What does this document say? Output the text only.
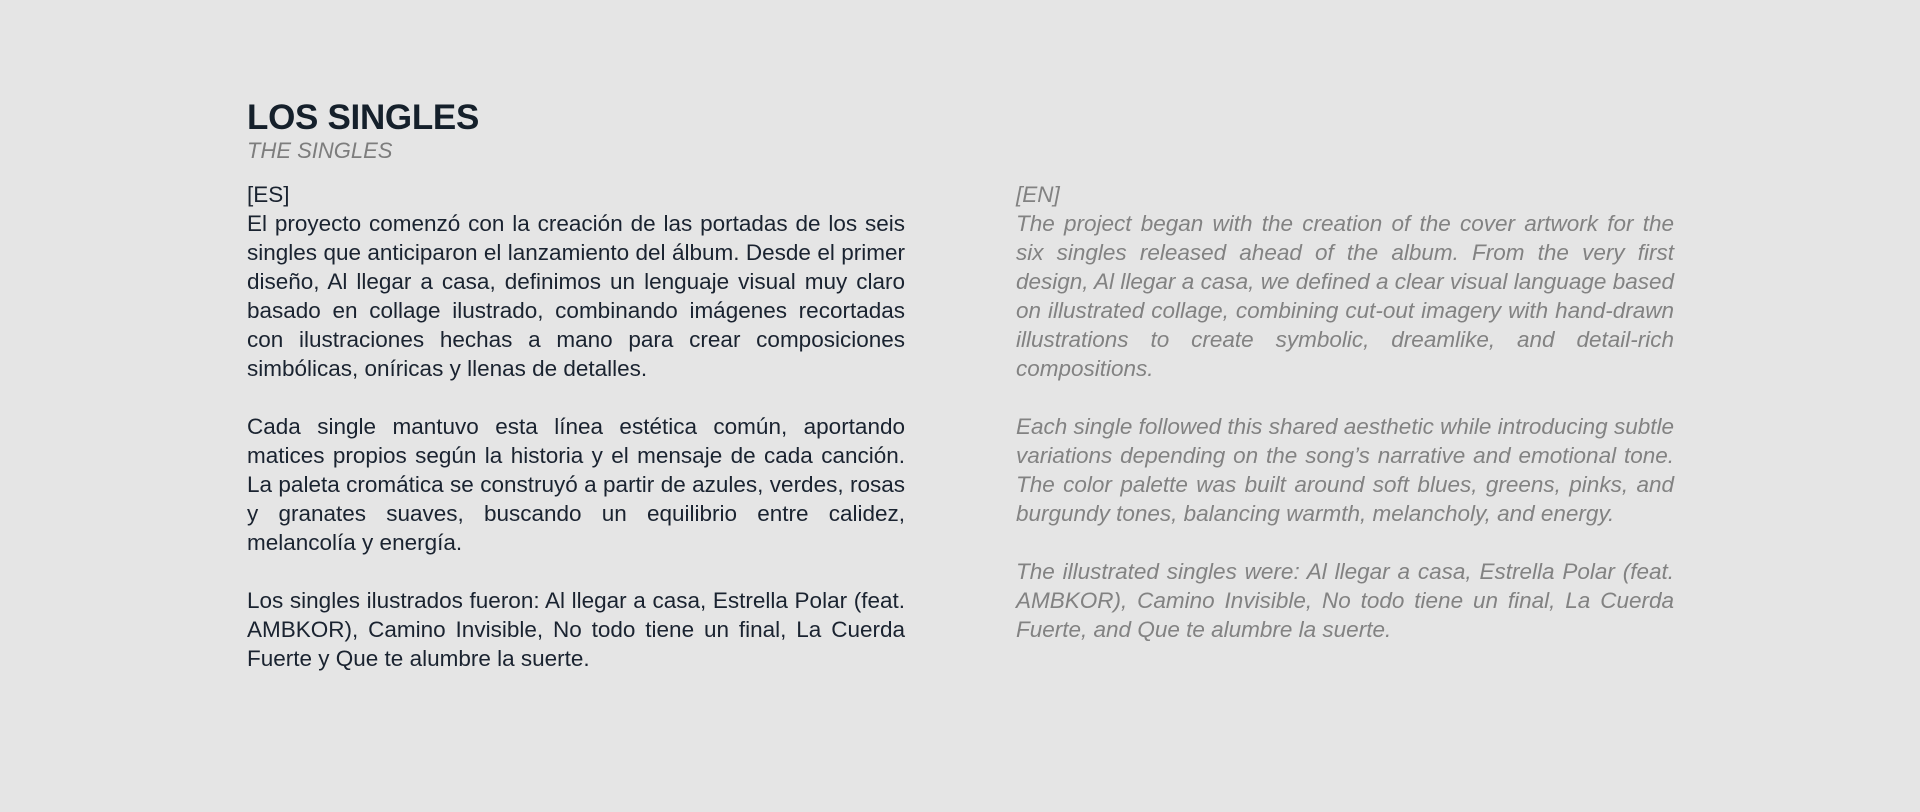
LOS SINGLES

THE SINGLES

[ES]

El proyecto comenzó con la creación de las portadas de los seis singles que anticiparon el lanzamiento del álbum. Desde el primer diseño, Al llegar a casa, definimos un lenguaje visual muy claro basado en collage ilustrado, combinando imágenes recortadas con ilustraciones hechas a mano para crear composiciones simbólicas, oníricas y llenas de detalles.

Cada single mantuvo esta línea estética común, aportando matices propios según la historia y el mensaje de cada canción. La paleta cromática se construyó a partir de azules, verdes, rosas y granates suaves, buscando un equilibrio entre calidez, melancolía y energía.

Los singles ilustrados fueron: Al llegar a casa, Estrella Polar (feat. AMBKOR), Camino Invisible, No todo tiene un final, La Cuerda Fuerte y Que te alumbre la suerte.

[EN]

The project began with the creation of the cover artwork for the six singles released ahead of the album. From the very first design, Al llegar a casa, we defined a clear visual language based on illustrated collage, combining cut-out imagery with hand-drawn illustrations to create symbolic, dreamlike, and detail-rich compositions.

Each single followed this shared aesthetic while introducing subtle variations depending on the song’s narrative and emotional tone. The color palette was built around soft blues, greens, pinks, and burgundy tones, balancing warmth, melancholy, and energy.

The illustrated singles were: Al llegar a casa, Estrella Polar (feat. AMBKOR), Camino Invisible, No todo tiene un final, La Cuerda Fuerte, and Que te alumbre la suerte.
